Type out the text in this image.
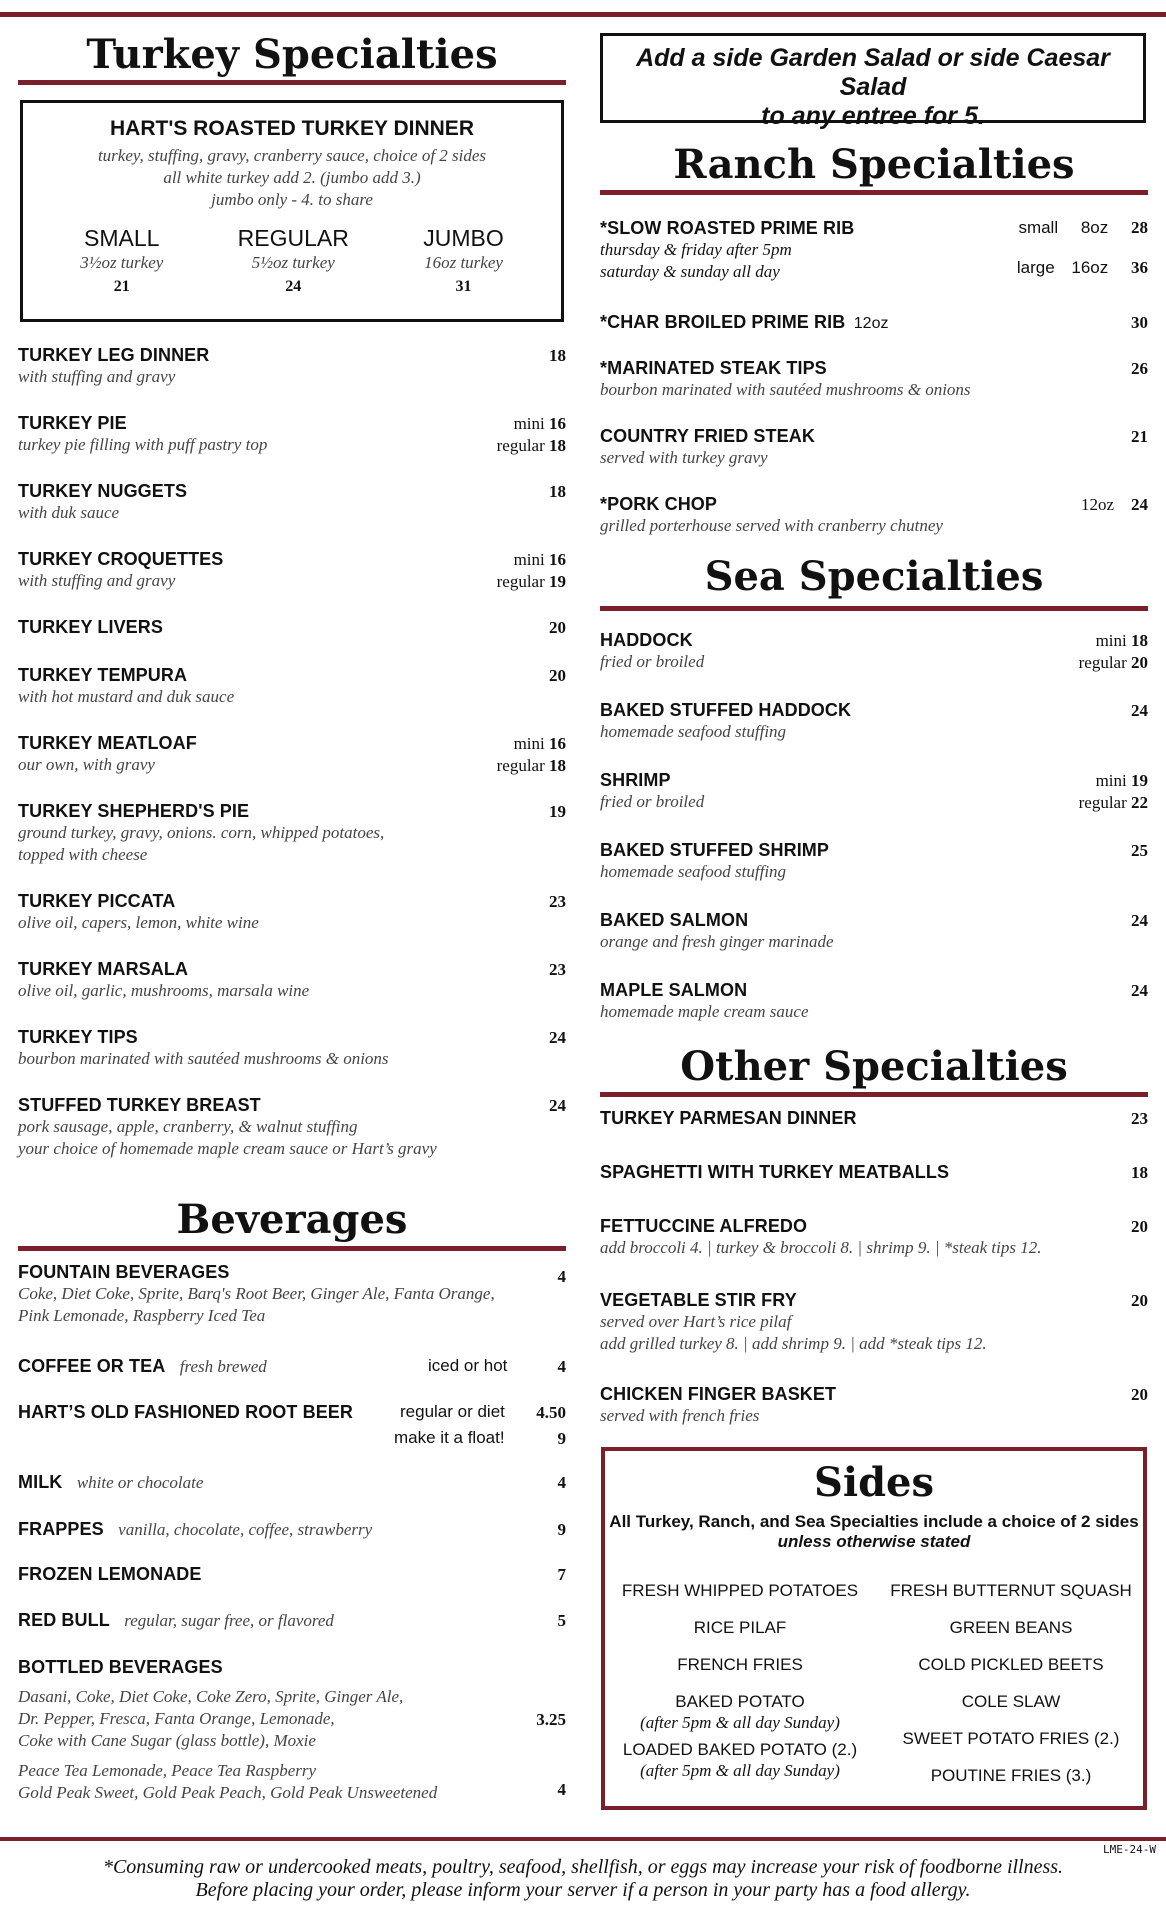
Turkey Specialties
HART'S ROASTED TURKEY DINNER
turkey, stuffing, gravy, cranberry sauce, choice of 2 sides
all white turkey add 2. (jumbo add 3.)
jumbo only - 4. to share
SMALL
3½oz turkey
21
REGULAR
5½oz turkey
24
JUMBO
16oz turkey
31
TURKEY LEG DINNER
with stuffing and gravy
18
TURKEY PIE
turkey pie filling with puff pastry top
mini 16
regular 18
TURKEY NUGGETS
with duk sauce
18
TURKEY CROQUETTES
with stuffing and gravy
mini 16
regular 19
TURKEY LIVERS	20
TURKEY TEMPURA
with hot mustard and duk sauce
20
TURKEY MEATLOAF
our own, with gravy
mini 16
regular 18
TURKEY SHEPHERD'S PIE
ground turkey, gravy, onions. corn, whipped potatoes,
topped with cheese
19
TURKEY PICCATA
olive oil, capers, lemon, white wine
23
TURKEY MARSALA
olive oil, garlic, mushrooms, marsala wine
23
TURKEY TIPS
bourbon marinated with sautéed mushrooms & onions
24
STUFFED TURKEY BREAST
pork sausage, apple, cranberry, & walnut stuffing
your choice of homemade maple cream sauce or Hart’s gravy
24
Beverages
FOUNTAIN BEVERAGES
Coke, Diet Coke, Sprite, Barq's Root Beer, Ginger Ale, Fanta Orange,
Pink Lemonade, Raspberry Iced Tea
4
COFFEE OR TEA fresh brewed	iced or hot	4
HART’S OLD FASHIONED ROOT BEER	regular or diet 4.50
make it a float!	9
MILK white or chocolate	4
FRAPPES vanilla, chocolate, coffee, strawberry	9
FROZEN LEMONADE	7
RED BULL regular, sugar free, or flavored	5
BOTTLED BEVERAGES
Dasani, Coke, Diet Coke, Coke Zero, Sprite, Ginger Ale,
Dr. Pepper, Fresca, Fanta Orange, Lemonade,
Coke with Cane Sugar (glass bottle), Moxie
3.25
Peace Tea Lemonade, Peace Tea Raspberry
Gold Peak Sweet, Gold Peak Peach, Gold Peak Unsweetened	4
Add a side Garden Salad or side Caesar Salad
to any entree for 5.
Ranch Specialties
*SLOW ROASTED PRIME RIB
thursday & friday after 5pm
saturday & sunday all day
small 8oz 28
large 16oz 36
*CHAR BROILED PRIME RIB 12oz	30
*MARINATED STEAK TIPS
bourbon marinated with sautéed mushrooms & onions
26
COUNTRY FRIED STEAK
served with turkey gravy
21
*PORK CHOP
grilled porterhouse served with cranberry chutney
12oz 24
Sea Specialties
HADDOCK
fried or broiled
mini 18
regular 20
BAKED STUFFED HADDOCK
homemade seafood stuffing
24
SHRIMP
fried or broiled
mini 19
regular 22
BAKED STUFFED SHRIMP
homemade seafood stuffing
25
BAKED SALMON
orange and fresh ginger marinade
24
MAPLE SALMON
homemade maple cream sauce
24
Other Specialties
TURKEY PARMESAN DINNER	23
SPAGHETTI WITH TURKEY MEATBALLS	18
FETTUCCINE ALFREDO
add broccoli 4. | turkey & broccoli 8. | shrimp 9. | *steak tips 12.
20
VEGETABLE STIR FRY
served over Hart’s rice pilaf
add grilled turkey 8. | add shrimp 9. | add *steak tips 12.
20
CHICKEN FINGER BASKET
served with french fries
20
Sides
All Turkey, Ranch, and Sea Specialties include a choice of 2 sides
unless otherwise stated
FRESH WHIPPED POTATOES
RICE PILAF
FRENCH FRIES
BAKED POTATO
(after 5pm & all day Sunday)
LOADED BAKED POTATO (2.)
(after 5pm & all day Sunday)
FRESH BUTTERNUT SQUASH
GREEN BEANS
COLD PICKLED BEETS
COLE SLAW
SWEET POTATO FRIES (2.)
POUTINE FRIES (3.)
LME-24-W
*Consuming raw or undercooked meats, poultry, seafood, shellfish, or eggs may increase your risk of foodborne illness.
Before placing your order, please inform your server if a person in your party has a food allergy.
